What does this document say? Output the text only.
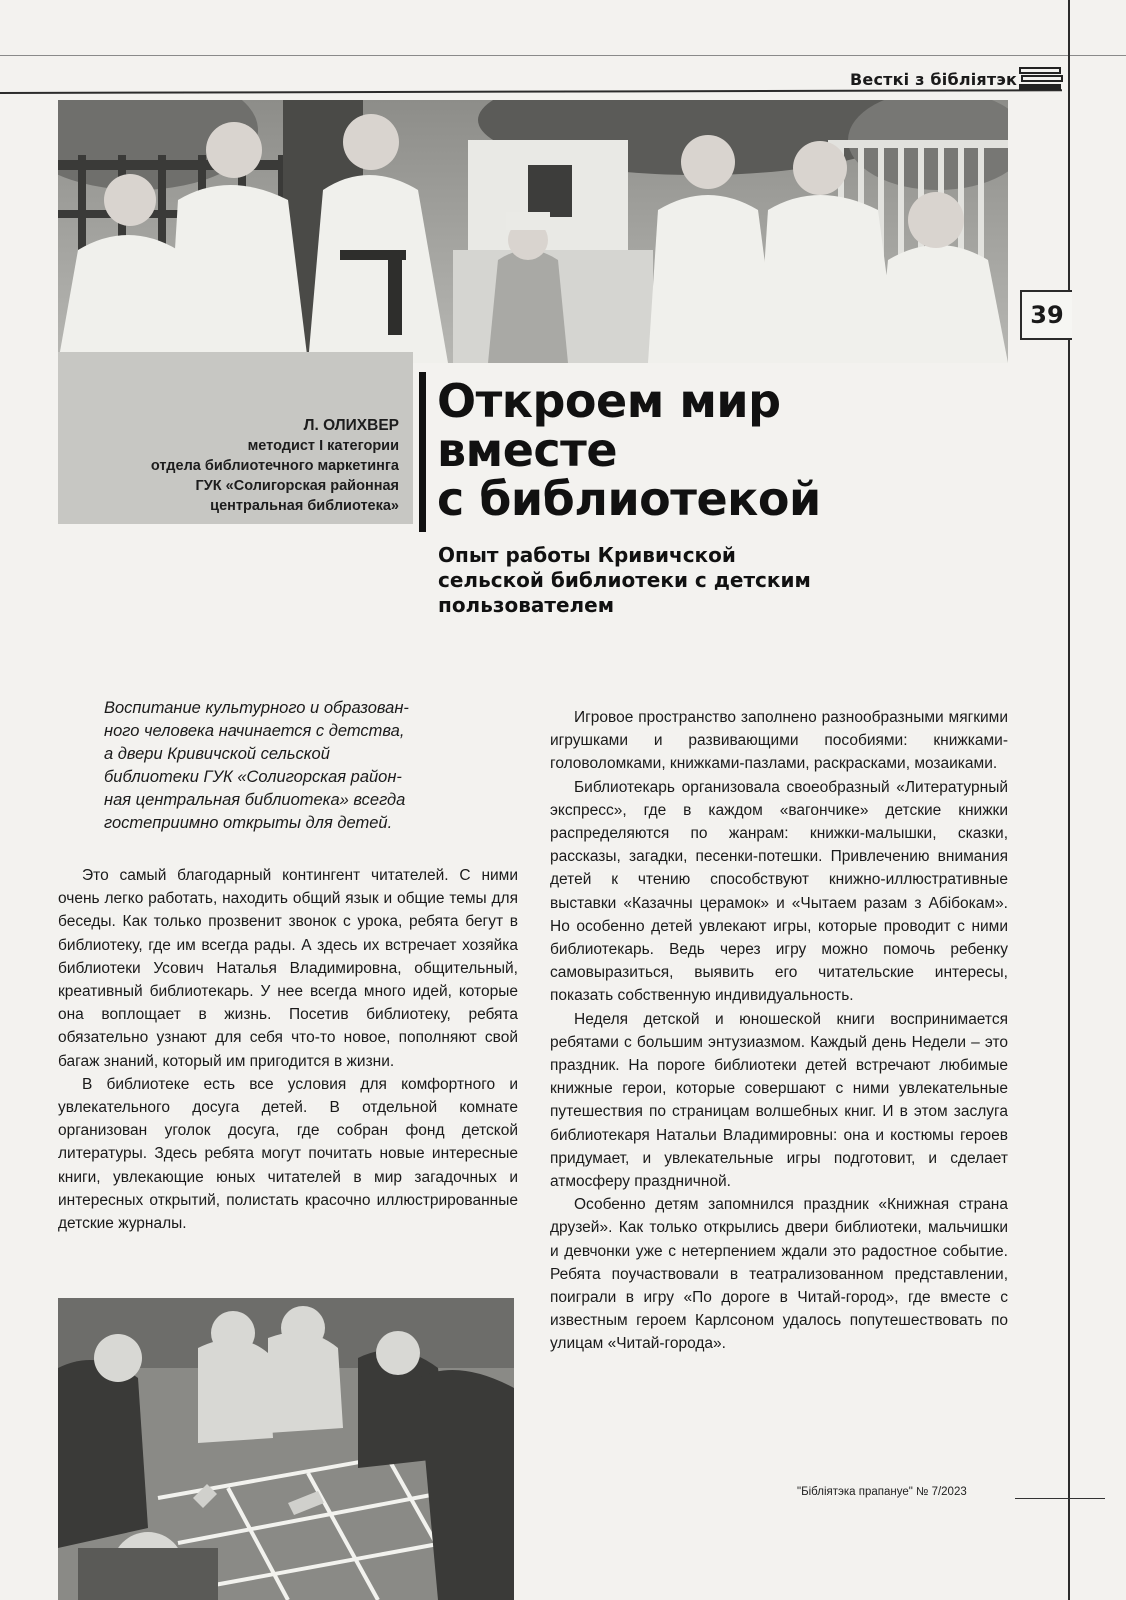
Весткі з бібліятэк
39
Л. ОЛИХВЕР
методист I категории
отдела библиотечного маркетинга
ГУК «Солигорская районная
центральная библиотека»
Откроем мир
вместе
с библиотекой
Опыт работы Кривичской
сельской библиотеки с детским
пользователем

Воспитание культурного и образован-
ного человека начинается с детства,
а двери Кривичской сельской
библиотеки ГУК «Солигорская район-
ная центральная библиотека» всегда
гостеприимно открыты для детей.

Это самый благодарный контингент читателей. С ними очень легко работать, находить общий язык и общие темы для беседы. Как только прозвенит звонок с урока, ребята бегут в библиотеку, где им всегда рады. А здесь их встречает хозяйка библиотеки Усович Наталья Владимировна, общительный, креативный библиотекарь. У нее всегда много идей, которые она воплощает в жизнь. Посетив библиотеку, ребята обязательно узнают для себя что-то новое, пополняют свой багаж знаний, который им пригодится в жизни.

В библиотеке есть все условия для комфортного и увлекательного досуга детей. В отдельной комнате организован уголок досуга, где собран фонд детской литературы. Здесь ребята могут почитать новые интересные книги, увлекающие юных читателей в мир загадочных и интересных открытий, полистать красочно иллюстрированные детские журналы.

Игровое пространство заполнено разнообразными мягкими игрушками и развивающими пособиями: книжками-головоломками, книжками-пазлами, раскрасками, мозаиками.

Библиотекарь организовала своеобразный «Литературный экспресс», где в каждом «вагончике» детские книжки распределяются по жанрам: книжки-малышки, сказки, рассказы, загадки, песенки-потешки. Привлечению внимания детей к чтению способствуют книжно-иллюстративные выставки «Казачны церамок» и «Чытаем разам з Абібокам». Но особенно детей увлекают игры, которые проводит с ними библиотекарь. Ведь через игру можно помочь ребенку самовыразиться, выявить его читательские интересы, показать собственную индивидуальность.

Неделя детской и юношеской книги воспринимается ребятами с большим энтузиазмом. Каждый день Недели – это праздник. На пороге библиотеки детей встречают любимые книжные герои, которые совершают с ними увлекательные путешествия по страницам волшебных книг. И в этом заслуга библиотекаря Натальи Владимировны: она и костюмы героев придумает, и увлекательные игры подготовит, и сделает атмосферу праздничной.

Особенно детям запомнился праздник «Книжная страна друзей». Как только открылись двери библиотеки, мальчишки и девчонки уже с нетерпением ждали это радостное событие. Ребята поучаствовали в театрализованном представлении, поиграли в игру «По дороге в Читай-город», где вместе с известным героем Карлсоном удалось попутешествовать по улицам «Читай-города».

"Бібліятэка прапануе" № 7/2023
